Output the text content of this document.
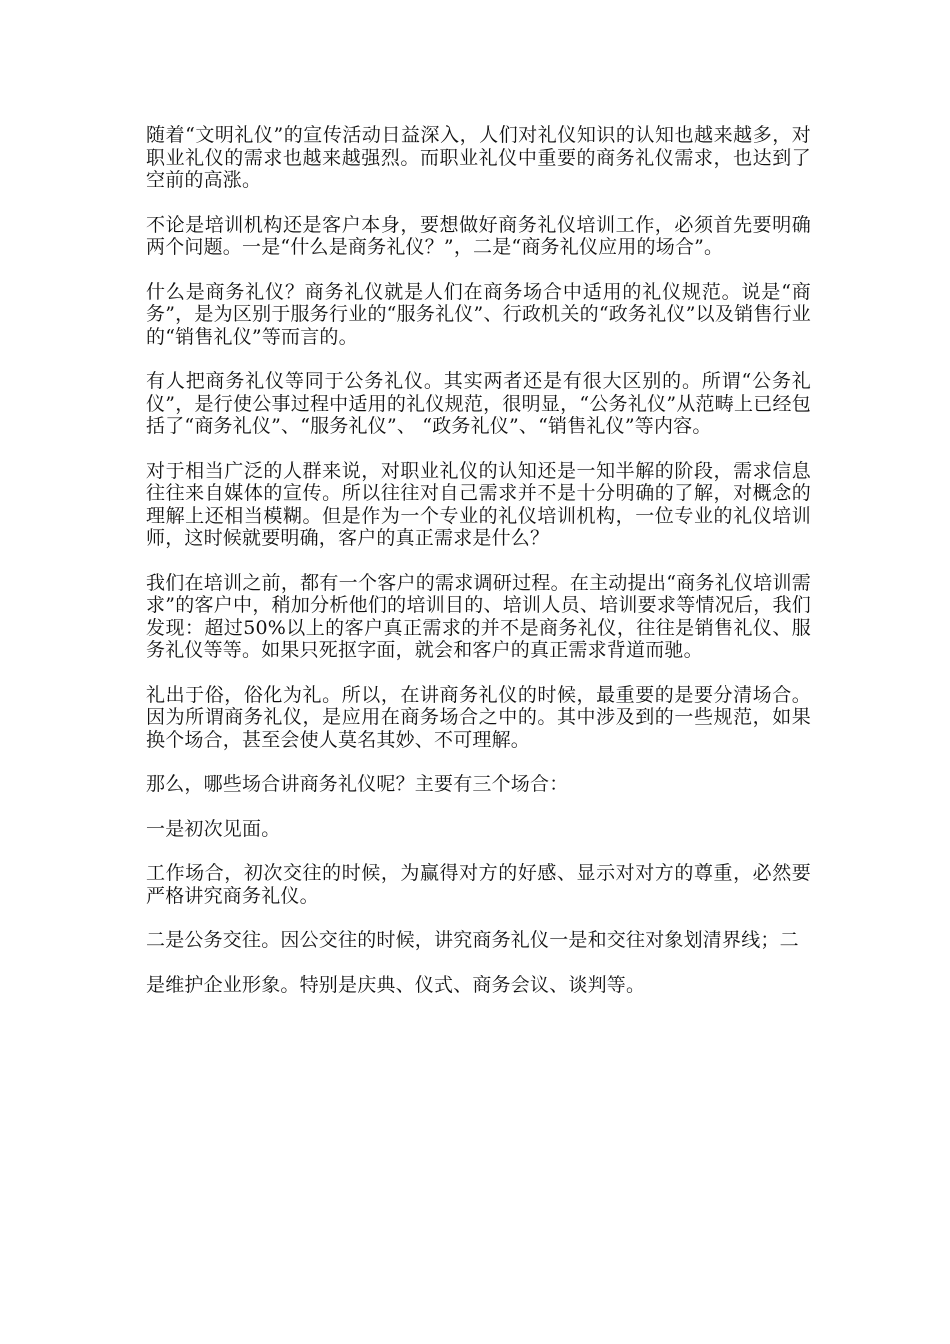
随着“文明礼仪”的宣传活动日益深入，人们对礼仪知识的认知也越来越多，对职业礼仪的需求也越来越强烈。而职业礼仪中重要的商务礼仪需求，也达到了空前的高涨。

不论是培训机构还是客户本身，要想做好商务礼仪培训工作，必须首先要明确两个问题。一是“什么是商务礼仪？”，二是“商务礼仪应用的场合”。

什么是商务礼仪？商务礼仪就是人们在商务场合中适用的礼仪规范。说是“商务”，是为区别于服务行业的“服务礼仪”、行政机关的“政务礼仪”以及销售行业的“销售礼仪”等而言的。

有人把商务礼仪等同于公务礼仪。其实两者还是有很大区别的。所谓“公务礼仪”，是行使公事过程中适用的礼仪规范，很明显，“公务礼仪”从范畴上已经包括了“商务礼仪”、“服务礼仪”、 “政务礼仪”、“销售礼仪”等内容。

对于相当广泛的人群来说，对职业礼仪的认知还是一知半解的阶段，需求信息往往来自媒体的宣传。所以往往对自己需求并不是十分明确的了解，对概念的理解上还相当模糊。但是作为一个专业的礼仪培训机构，一位专业的礼仪培训师，这时候就要明确，客户的真正需求是什么？

我们在培训之前，都有一个客户的需求调研过程。在主动提出“商务礼仪培训需求”的客户中，稍加分析他们的培训目的、培训人员、培训要求等情况后，我们发现：超过50%以上的客户真正需求的并不是商务礼仪，往往是销售礼仪、服务礼仪等等。如果只死抠字面，就会和客户的真正需求背道而驰。

礼出于俗，俗化为礼。所以，在讲商务礼仪的时候，最重要的是要分清场合。因为所谓商务礼仪，是应用在商务场合之中的。其中涉及到的一些规范，如果换个场合，甚至会使人莫名其妙、不可理解。

那么，哪些场合讲商务礼仪呢？主要有三个场合：

一是初次见面。

工作场合，初次交往的时候，为赢得对方的好感、显示对对方的尊重，必然要严格讲究商务礼仪。

二是公务交往。因公交往的时候，讲究商务礼仪一是和交往对象划清界线；二

是维护企业形象。特别是庆典、仪式、商务会议、谈判等。
